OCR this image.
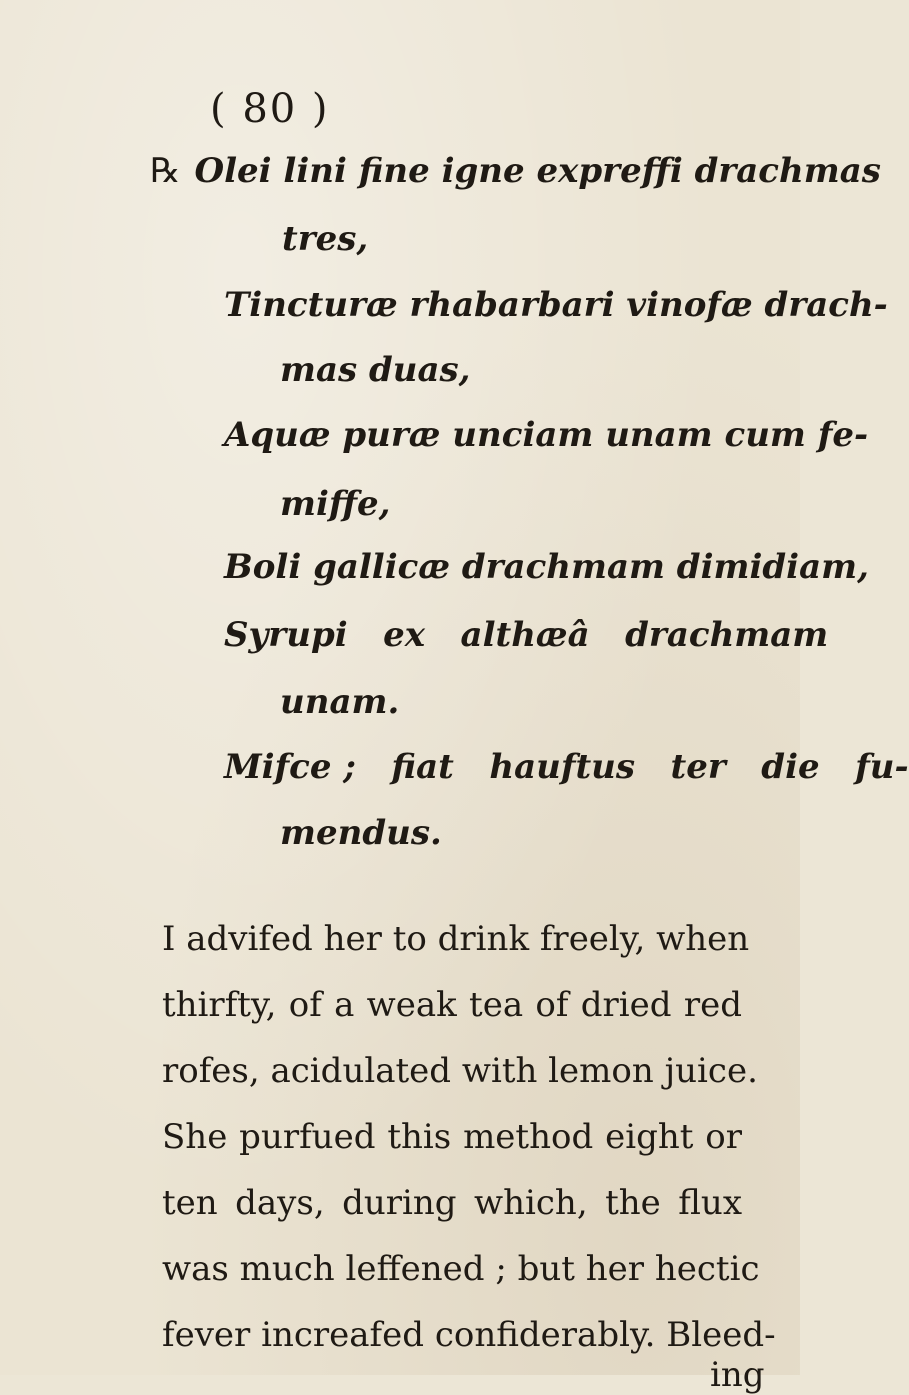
( 80 )
℞ Olei lini fine igne expreffi drachmas
tres,
Tincturæ rhabarbari vinofæ drach-
mas duas,
Aquæ puræ unciam unam cum fe-
miffe,
Boli gallicæ drachmam dimidiam,
Syrupi   ex   althæâ   drachmam
unam.
Mifce ;   fiat   hauftus   ter   die   fu-
mendus.
I advifed her to drink freely, when
thirfty, of a weak tea of dried red
rofes, acidulated with lemon juice.
She purfued this method eight or
ten days, during which, the flux
was much leffened ; but her hectic
fever increafed confiderably. Bleed-
ing
